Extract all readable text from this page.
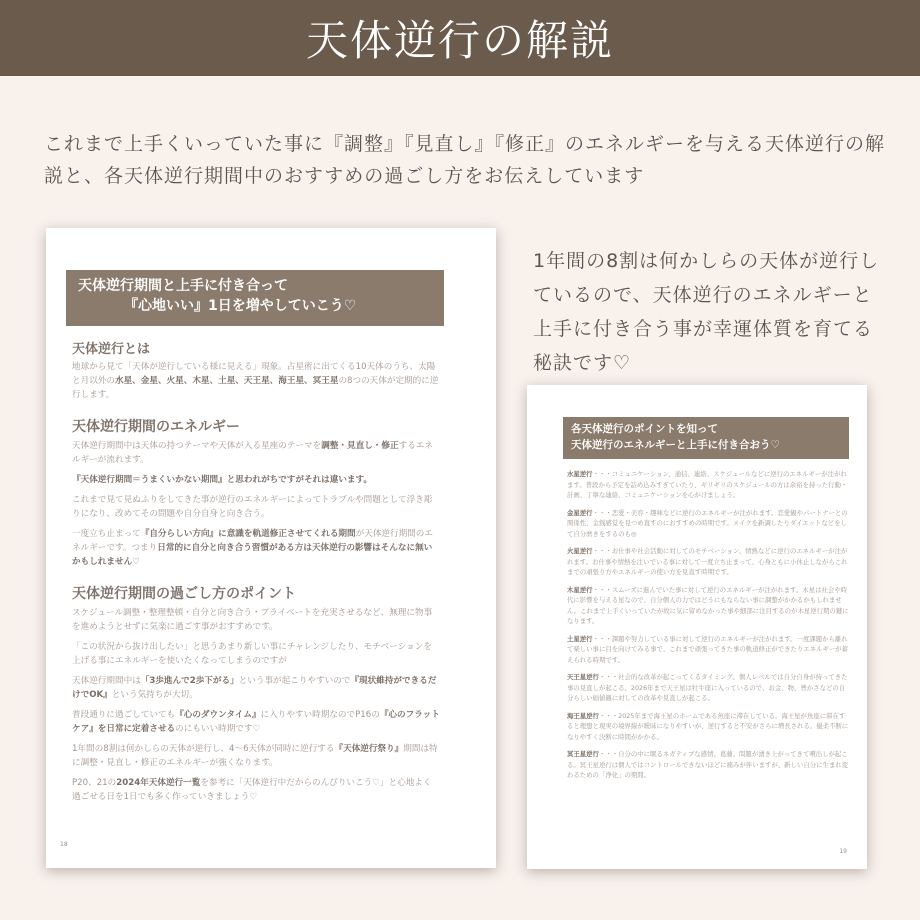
天体逆行の解説

これまで上手くいっていた事に『調整』『見直し』『修正』のエネルギーを与える天体逆行の解説と、各天体逆行期間中のおすすめの過ごし方をお伝えしています

1年間の8割は何かしらの天体が逆行しているので、天体逆行のエネルギーと上手に付き合う事が幸運体質を育てる秘訣です♡

天体逆行期間と上手に付き合って
『心地いい』1日を増やしていこう♡
天体逆行とは

地球から見て「天体が逆行している様に見える」現象。占星術に出てくる10天体のうち、太陽と月以外の水星、金星、火星、木星、土星、天王星、海王星、冥王星の8つの天体が定期的に逆行します。

天体逆行期間のエネルギー

天体逆行期間中は天体の持つテーマや天体が入る星座のテーマを調整・見直し・修正するエネルギーが流れます。

『天体逆行期間＝うまくいかない期間』と思われがちですがそれは違います。

これまで見て見ぬふりをしてきた事が逆行のエネルギーによってトラブルや問題として浮き彫りになり、改めてその問題や自分自身と向き合う。

一度立ち止まって『自分らしい方向』に意識を軌道修正させてくれる期間が天体逆行期間のエネルギーです。つまり日常的に自分と向き合う習慣がある方は天体逆行の影響はそんなに無いかもしれません♡

天体逆行期間の過ごし方のポイント

スケジュール調整・整理整頓・自分と向き合う・プライベートを充実させるなど、無理に物事を進めようとせずに気楽に過ごす事がおすすめです。

「この状況から抜け出したい」と思うあまり新しい事にチャレンジしたり、モチベーションを上げる事にエネルギーを使いたくなってしまうのですが

天体逆行期間中は「3歩進んで2歩下がる」という事が起こりやすいので『現状維持ができるだけでOK』という気持ちが大切。

普段通りに過ごしていても『心のダウンタイム』に入りやすい時期なのでP16の『心のフラットケア』を日常に定着させるのにもいい時期です♡

1年間の8割は何かしらの天体が逆行し、4〜6天体が同時に逆行する『天体逆行祭り』期間は特に調整・見直し・修正のエネルギーが強くなります。

P20、21の2024年天体逆行一覧を参考に「天体逆行中だからのんびりいこう♡」と心地よく過ごせる日を1日でも多く作っていきましょう♡

18
各天体逆行のポイントを知って
天体逆行のエネルギーと上手に付き合おう♡

水星逆行・・・コミュニケーション、通信、連絡、スケジュールなどに逆行のエネルギーが注がれます。普段から予定を詰め込みすぎていたり、ギリギリのスケジュールの方は余裕を持った行動・計画、丁寧な連絡、コミュニケーションを心がけましょう。

金星逆行・・・恋愛・美容・趣味などに逆行のエネルギーが注がれます。恋愛観やパートナーとの関係性、金銭感覚を見つめ直すのにおすすめの時期です。メイクを新調したりダイエットなどをして自分磨きをするのも◎

火星逆行・・・お仕事や社会活動に対してのモチベーション、情熱などに逆行のエネルギーが注がれます。お仕事や情熱を注いでいる事に対して一度立ち止まって、心身ともに小休止しながらこれまでの頑張り方やエネルギーの使い方を見直す時期です。

木星逆行・・・スムーズに進んでいた事に対して逆行のエネルギーが注がれます。木星は社会や時代に影響を与える星なので、自分個人の力ではどうにもならない事に調整がかかるかもしれません。これまで上手くいっていたが故に気に留めなかった事や細部に注目するのが木星逆行期の鍵になります。

土星逆行・・・課題や努力している事に対して逆行のエネルギーが注がれます。一度課題から離れて楽しい事に目を向けてみる事で、これまで頑張ってきた事の軌道修正ができたりエネルギーが蓄えられる時期です。

天王星逆行・・・社会的な改革が起こってくるタイミング。個人レベルでは自分自身が持ってきた事の見直しが起こる。2026年まで天王星は牡牛座に入っているので、お金、物、豊かさなどの自分らしい価値観に対しての改革や見直しが起こる。

海王星逆行・・・2025年まで海王星のホームである魚座に滞在している。海王星が魚座に滞在すると理想と現実の境界線が曖昧になりやすいが、逆行すると不安がさらに増長される。優柔不断になりやすく決断に時間がかかる。

冥王星逆行・・・自分の中に眠るネガティブな感情、葛藤、問題が湧き上がってきて噴出しが起こる。冥王星逆行は個人ではコントロールできないほどに痛みが伴いますが、新しい自分に生まれ変わるための「浄化」の期間。

19
